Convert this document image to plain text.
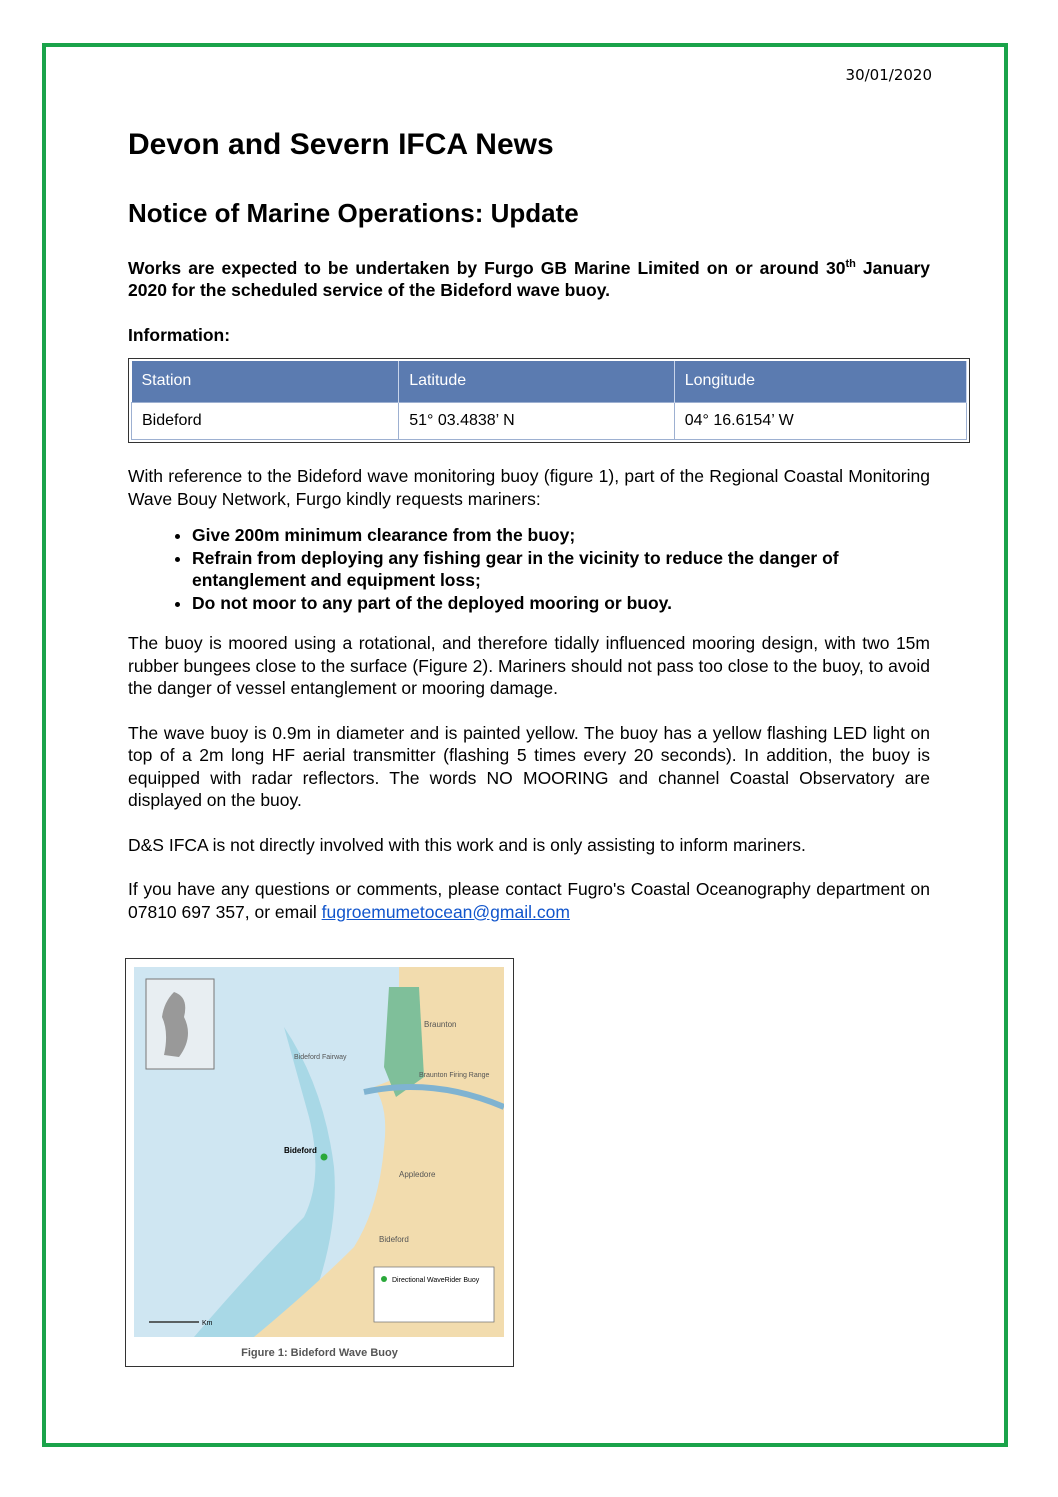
30/01/2020
Devon and Severn IFCA News
Notice of Marine Operations: Update

Works are expected to be undertaken by Furgo GB Marine Limited on or around 30th January 2020 for the scheduled service of the Bideford wave buoy.

Information:

Station	Latitude	Longitude
Bideford	51° 03.4838’ N	04° 16.6154’ W

With reference to the Bideford wave monitoring buoy (figure 1), part of the Regional Coastal Monitoring Wave Bouy Network, Furgo kindly requests mariners:

• Give 200m minimum clearance from the buoy;
• Refrain from deploying any fishing gear in the vicinity to reduce the danger of entanglement and equipment loss;
• Do not moor to any part of the deployed mooring or buoy.

The buoy is moored using a rotational, and therefore tidally influenced mooring design, with two 15m rubber bungees close to the surface (Figure 2). Mariners should not pass too close to the buoy, to avoid the danger of vessel entanglement or mooring damage.

The wave buoy is 0.9m in diameter and is painted yellow. The buoy has a yellow flashing LED light on top of a 2m long HF aerial transmitter (flashing 5 times every 20 seconds). In addition, the buoy is equipped with radar reflectors. The words NO MOORING and channel Coastal Observatory are displayed on the buoy.

D&S IFCA is not directly involved with this work and is only assisting to inform mariners.

If you have any questions or comments, please contact Fugro's Coastal Oceanography department on 07810 697 357, or email fugroemumetocean@gmail.com

Directional WaveRider Buoy
Bideford
Braunton
Braunton Firing Range
Appledore
Bideford
Bideford Fairway
Km
Figure 1: Bideford Wave Buoy
